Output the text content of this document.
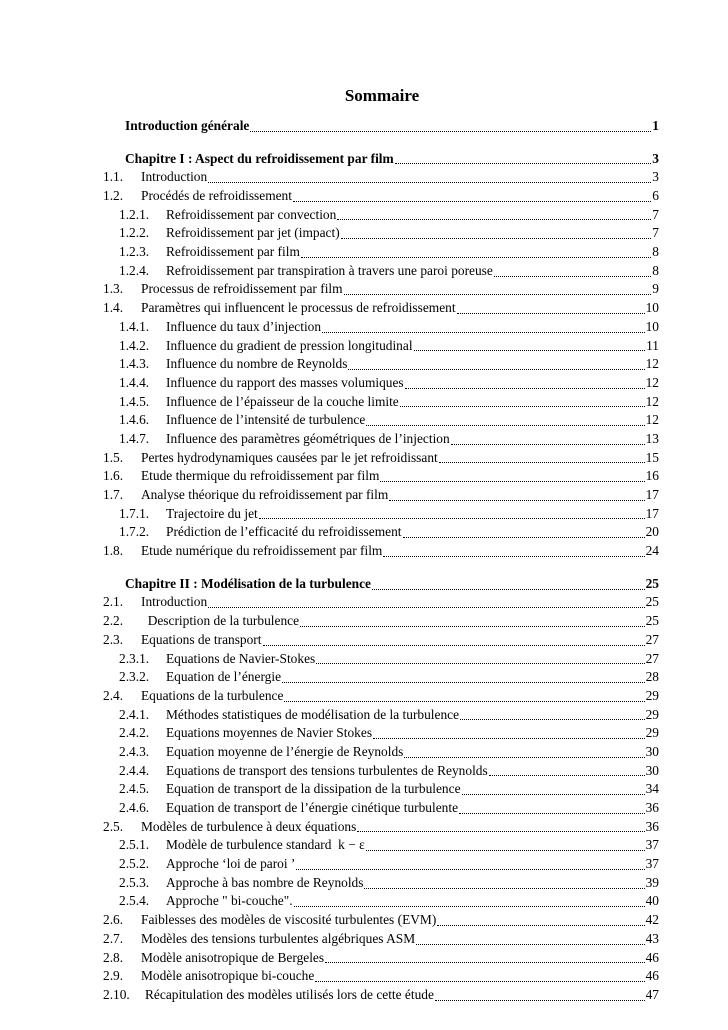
Sommaire
Introduction générale	1
Chapitre I : Aspect du refroidissement par film	3
1.1.	Introduction	3
1.2.	Procédés de refroidissement	6
1.2.1.	Refroidissement par convection	7
1.2.2.	Refroidissement par jet (impact)	7
1.2.3.	Refroidissement par film	8
1.2.4.	Refroidissement par transpiration à travers une paroi poreuse	8
1.3.	Processus de refroidissement par film	9
1.4.	Paramètres qui influencent le processus de refroidissement	10
1.4.1.	Influence du taux d’injection	10
1.4.2.	Influence du gradient de pression longitudinal	11
1.4.3.	Influence du nombre de Reynolds	12
1.4.4.	Influence du rapport des masses volumiques	12
1.4.5.	Influence de l’épaisseur de la couche limite	12
1.4.6.	Influence de l’intensité de turbulence	12
1.4.7.	Influence des paramètres géométriques de l’injection	13
1.5.	Pertes hydrodynamiques causées par le jet refroidissant	15
1.6.	Etude thermique du refroidissement par film	16
1.7.	Analyse théorique du refroidissement par film	17
1.7.1.	Trajectoire du jet	17
1.7.2.	Prédiction de l’efficacité du refroidissement	20
1.8.	Etude numérique du refroidissement par film	24
Chapitre II : Modélisation de la turbulence	25
2.1.	Introduction	25
2.2.	Description de la turbulence	25
2.3.	Equations de transport	27
2.3.1.	Equations de Navier-Stokes	27
2.3.2.	Equation de l’énergie	28
2.4.	Equations de la turbulence	29
2.4.1.	Méthodes statistiques de modélisation de la turbulence	29
2.4.2.	Equations moyennes de Navier Stokes	29
2.4.3.	Equation moyenne de l’énergie de Reynolds	30
2.4.4.	Equations de transport des tensions turbulentes de Reynolds	30
2.4.5.	Equation de transport de la dissipation de la turbulence	34
2.4.6.	Equation de transport de l’énergie cinétique turbulente	36
2.5.	Modèles de turbulence à deux équations	36
2.5.1.	Modèle de turbulence standard  k − ε	37
2.5.2.	Approche ‘loi de paroi ’	37
2.5.3.	Approche à bas nombre de Reynolds	39
2.5.4.	Approche " bi-couche".	40
2.6.	Faiblesses des modèles de viscosité turbulentes (EVM)	42
2.7.	Modèles des tensions turbulentes algébriques ASM	43
2.8.	Modèle anisotropique de Bergeles	46
2.9.	Modèle anisotropique bi-couche	46
2.10.	Récapitulation des modèles utilisés lors de cette étude	47
